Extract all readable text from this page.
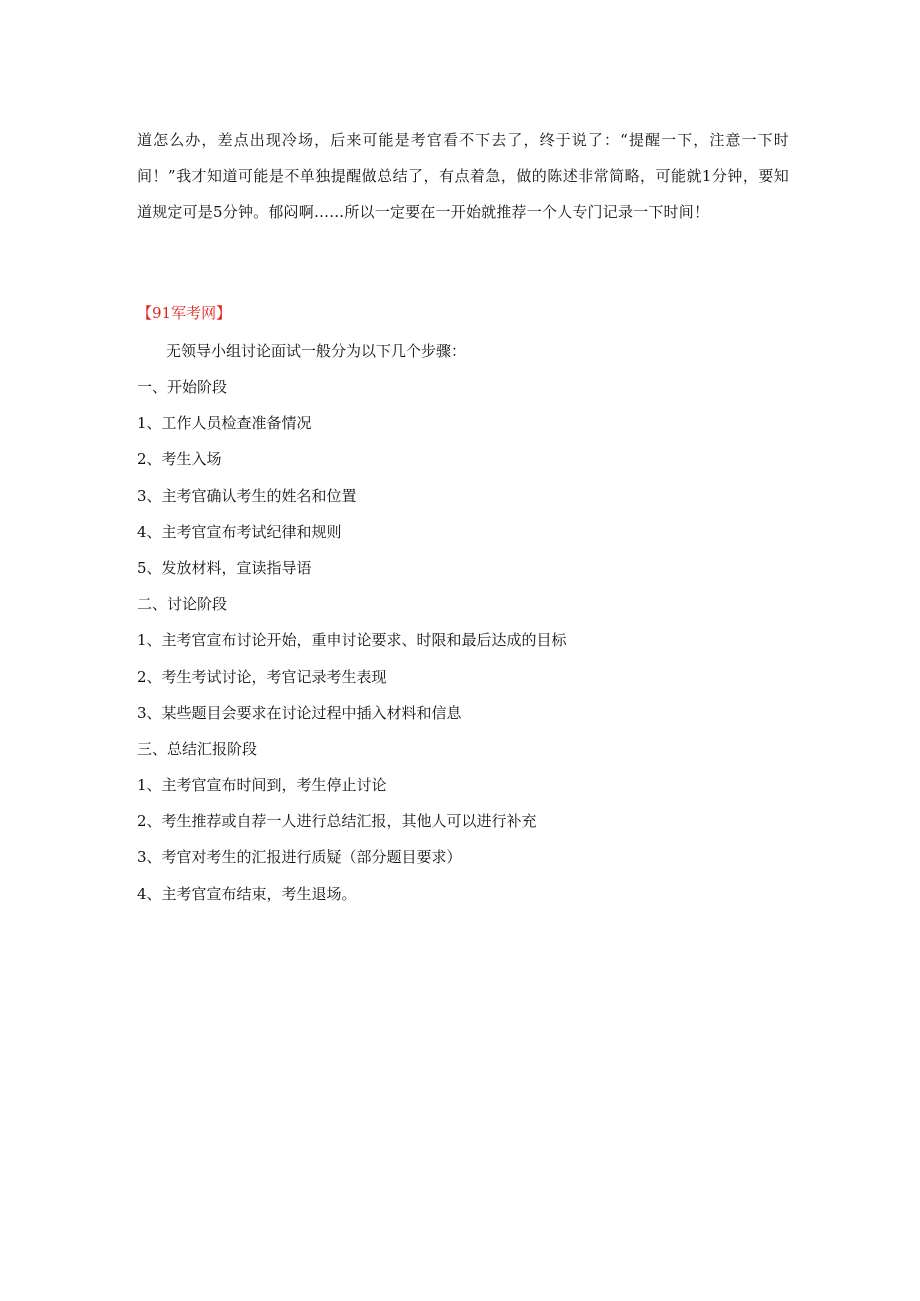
道怎么办，差点出现冷场，后来可能是考官看不下去了，终于说了：“提醒一下，注意一下时间！”我才知道可能是不单独提醒做总结了，有点着急，做的陈述非常简略，可能就1分钟，要知道规定可是5分钟。郁闷啊……所以一定要在一开始就推荐一个人专门记录一下时间！

【91军考网】

无领导小组讨论面试一般分为以下几个步骤：

一、开始阶段
1、工作人员检查准备情况
2、考生入场
3、主考官确认考生的姓名和位置
4、主考官宣布考试纪律和规则
5、发放材料，宣读指导语
二、讨论阶段
1、主考官宣布讨论开始，重申讨论要求、时限和最后达成的目标
2、考生考试讨论，考官记录考生表现
3、某些题目会要求在讨论过程中插入材料和信息
三、总结汇报阶段
1、主考官宣布时间到，考生停止讨论
2、考生推荐或自荐一人进行总结汇报，其他人可以进行补充
3、考官对考生的汇报进行质疑（部分题目要求）
4、主考官宣布结束，考生退场。
